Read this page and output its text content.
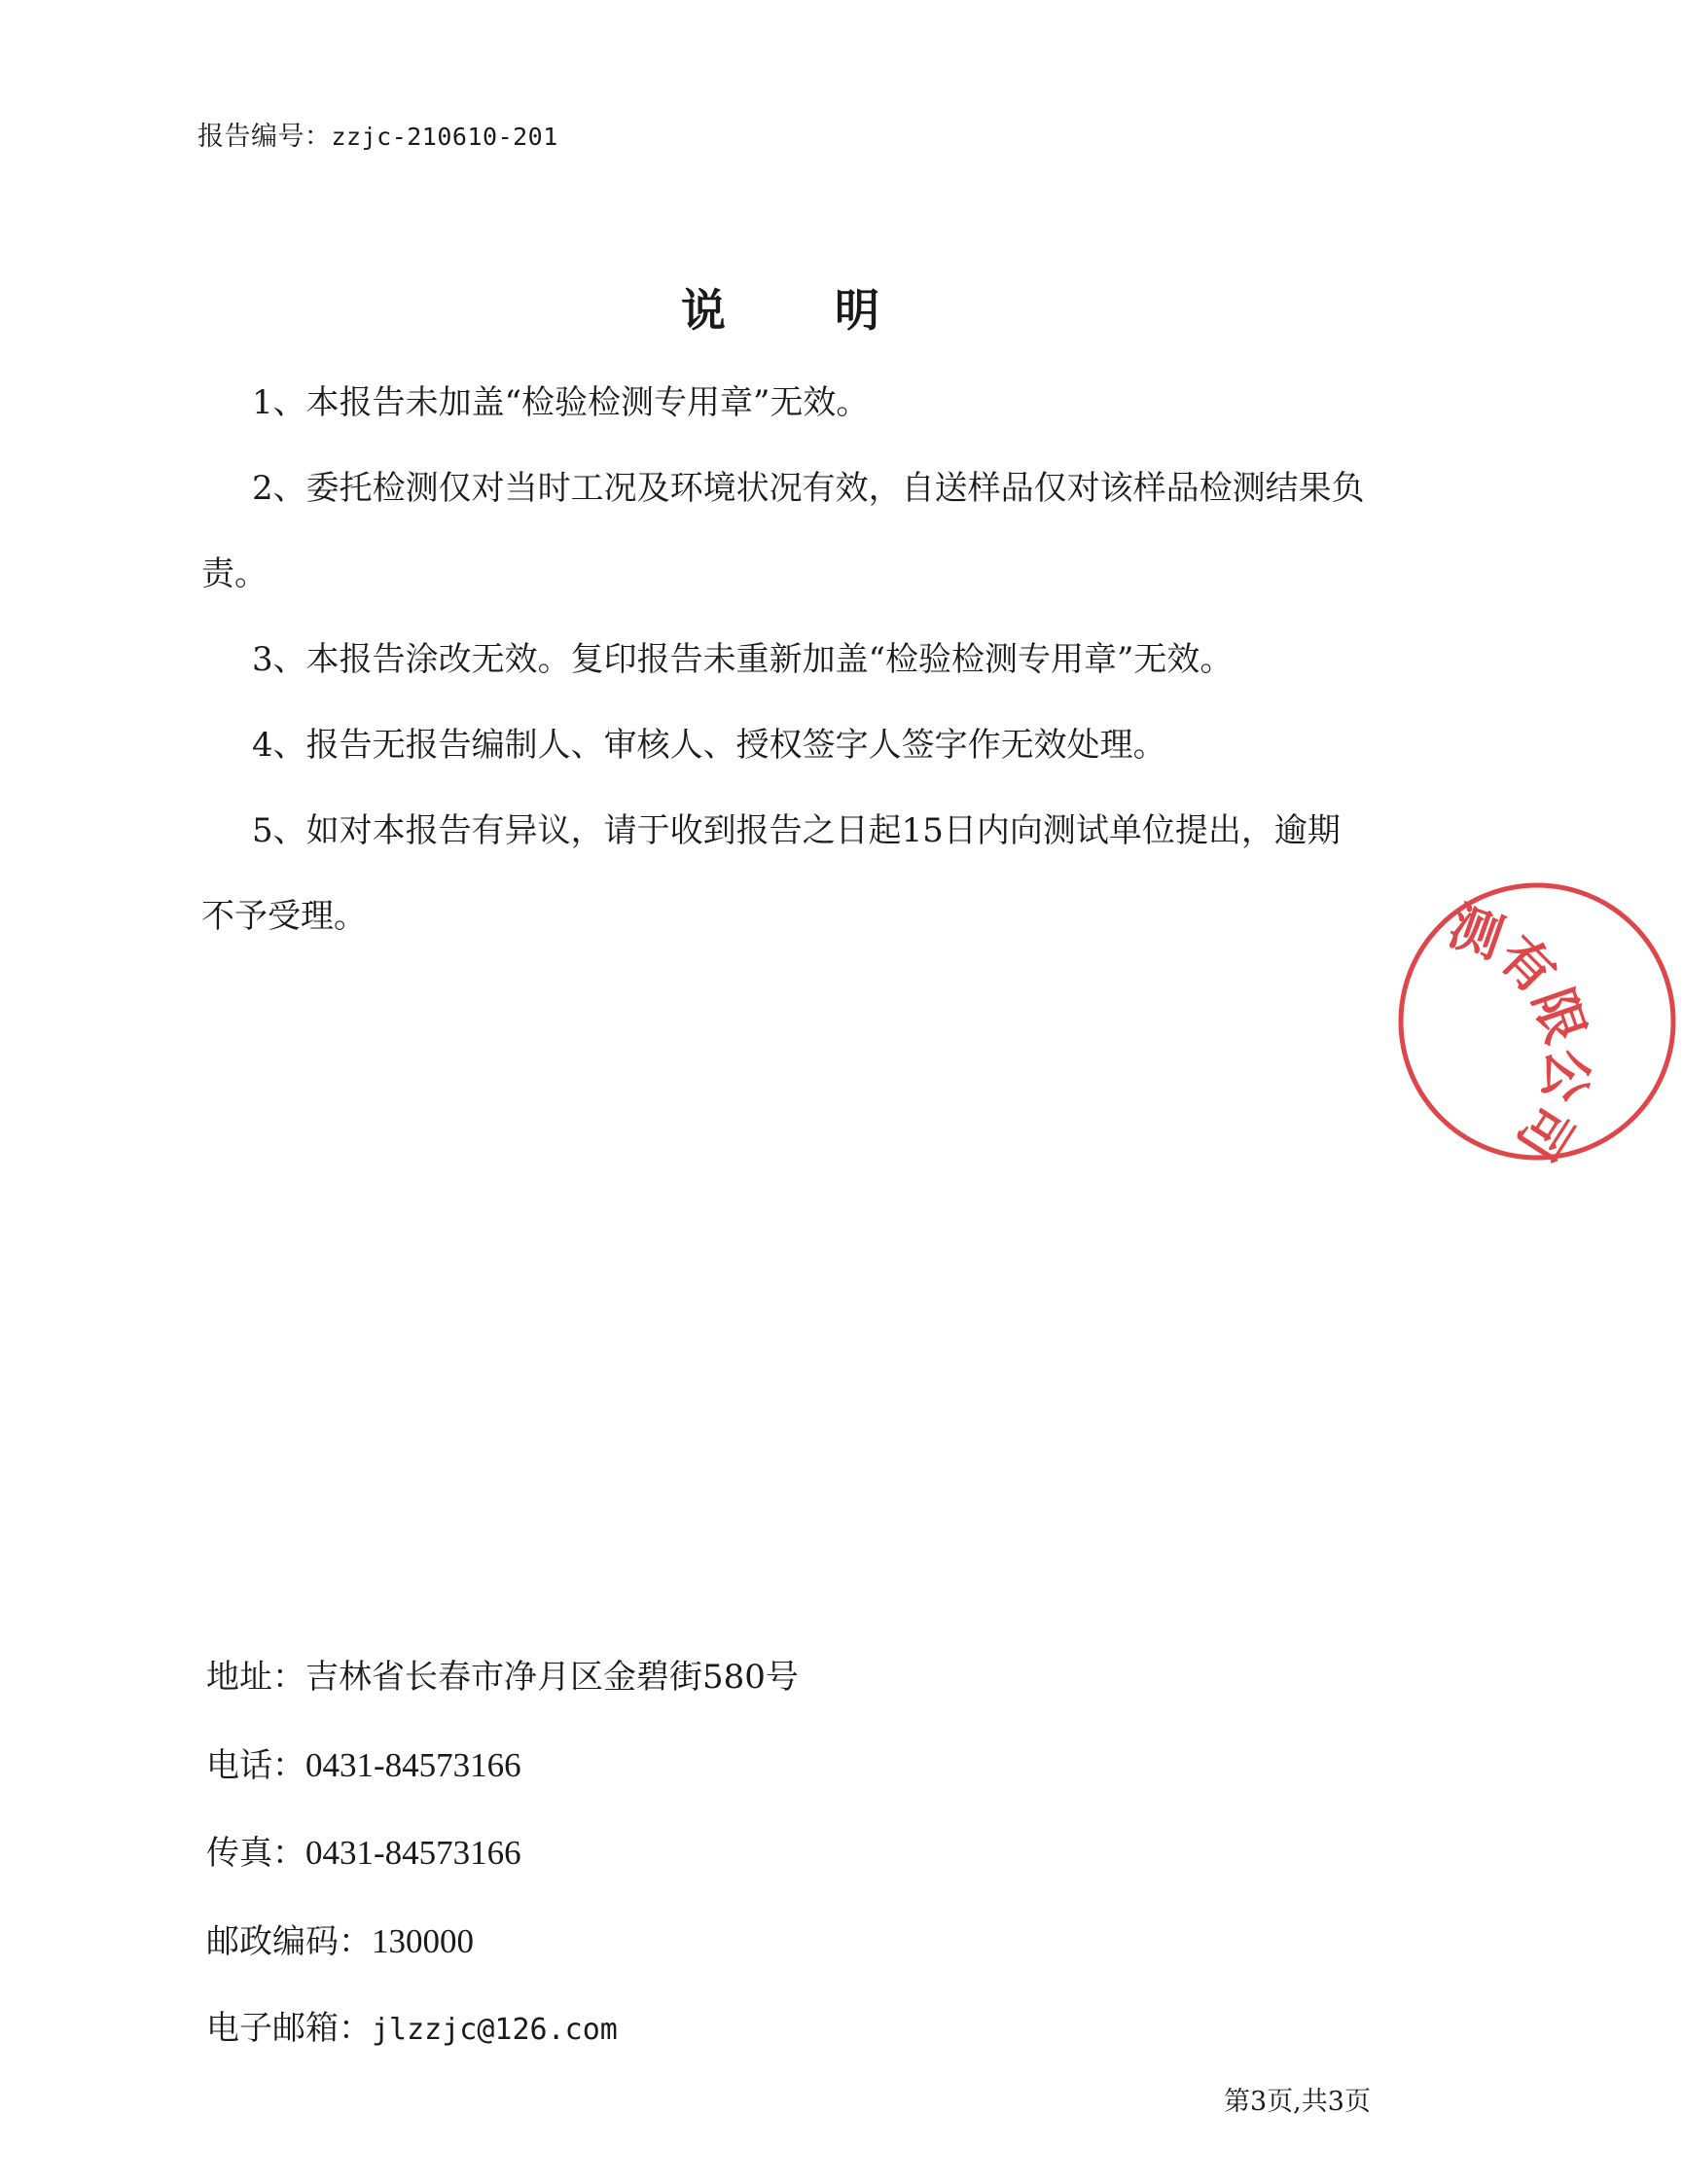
报告编号：zzjc-210610-201
说明

1、本报告未加盖“检验检测专用章”无效。

2、委托检测仅对当时工况及环境状况有效，自送样品仅对该样品检测结果负责。

3、本报告涂改无效。复印报告未重新加盖“检验检测专用章”无效。

4、报告无报告编制人、审核人、授权签字人签字作无效处理。

5、如对本报告有异议，请于收到报告之日起15日内向测试单位提出，逾期不予受理。

地址：吉林省长春市净月区金碧街580号
电话：0431-84573166
传真：0431-84573166
邮政编码：130000
电子邮箱：jlzzjc@126.com
第3页,共3页
测有限公司
